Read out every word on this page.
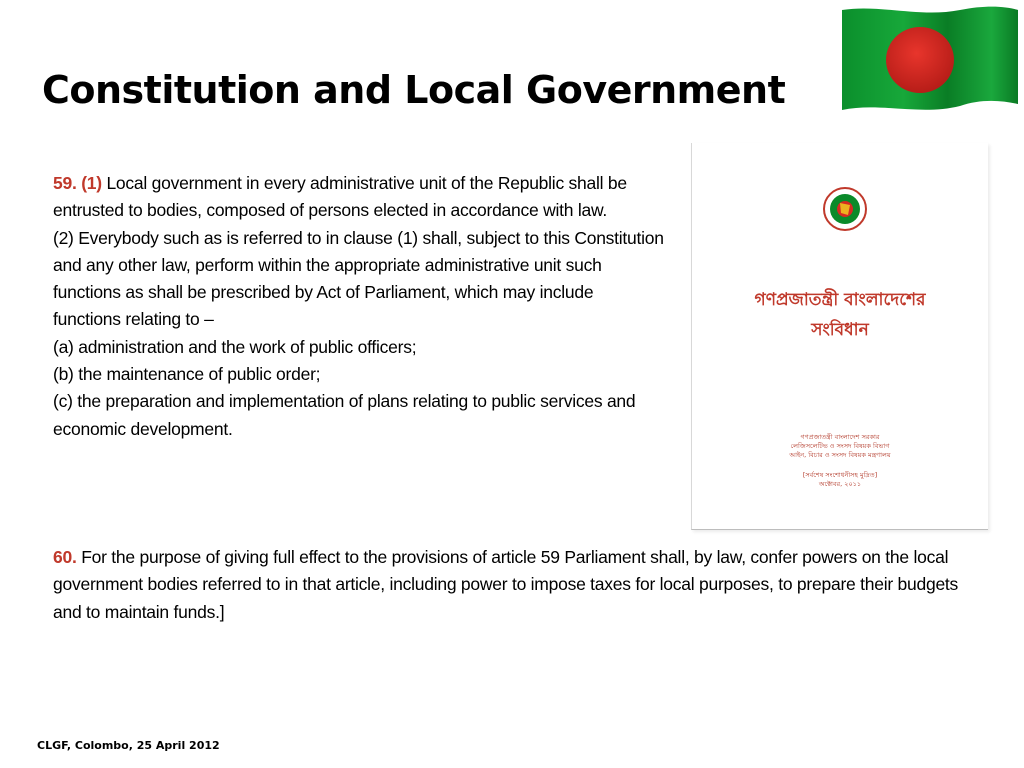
Constitution and Local Government

59. (1) Local government in every administrative unit of the Republic shall be entrusted to bodies, composed of persons elected in accordance with law.

(2) Everybody such as is referred to in clause (1) shall, subject to this Constitution and any other law, perform within the appropriate administrative unit such functions as shall be prescribed by Act of Parliament, which may include functions relating to –

(a) administration and the work of public officers;

(b) the maintenance of public order;

(c) the preparation and implementation of plans relating to public services and economic development.

গণপ্রজাতন্ত্রী বাংলাদেশের
সংবিধান
গণপ্রজাতন্ত্রী বাংলাদেশ সরকার
লেজিসলেটিভ ও সংসদ বিষয়ক বিভাগ
আইন, বিচার ও সংসদ বিষয়ক মন্ত্রণালয়
[সর্বশেষ সংশোধনীসহ মুদ্রিত]
অক্টোবর, ২০১১

60. For the purpose of giving full effect to the provisions of article 59 Parliament shall, by law, confer powers on the local government bodies referred to in that article, including power to impose taxes for local purposes, to prepare their budgets and to maintain funds.]

CLGF, Colombo, 25 April 2012
